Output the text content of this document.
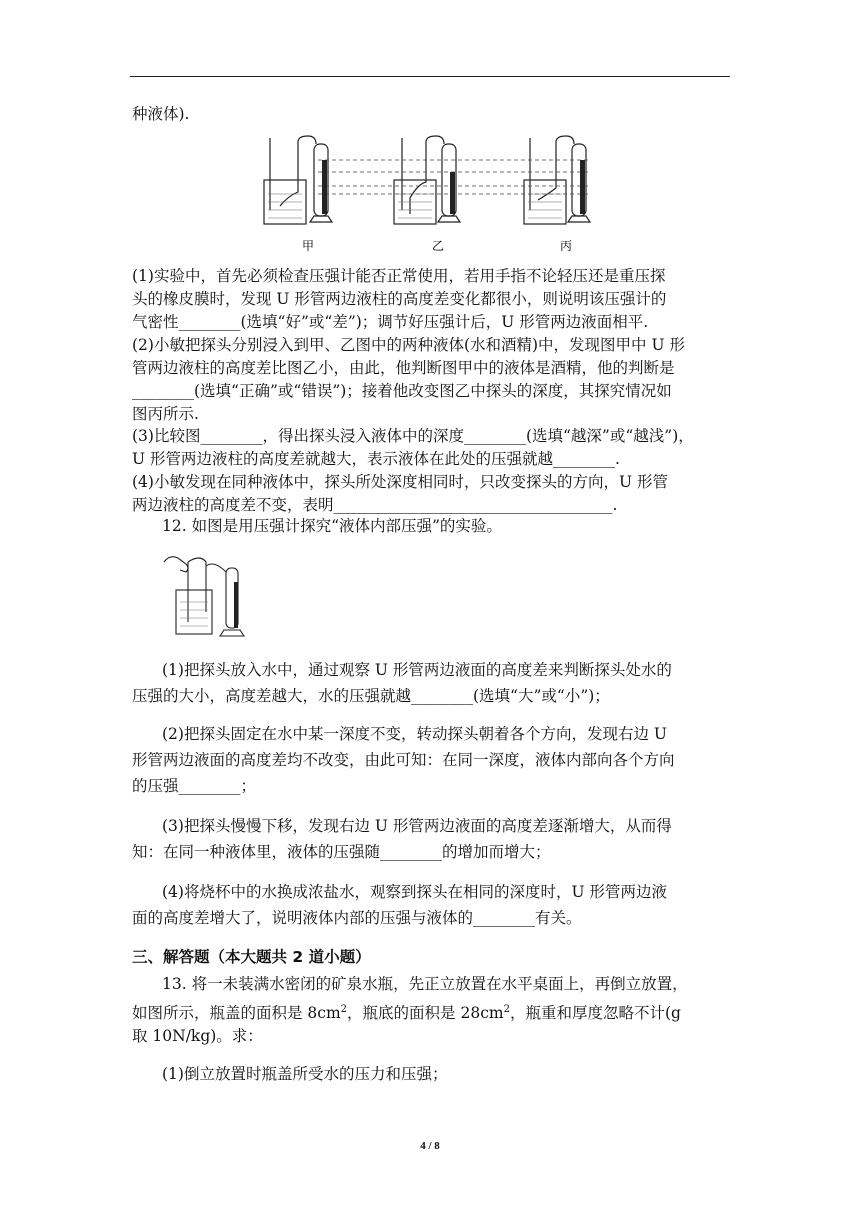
种液体).
甲	乙	丙
(1)实验中，首先必须检查压强计能否正常使用，若用手指不论轻压还是重压探
头的橡皮膜时，发现 U 形管两边液柱的高度差变化都很小，则说明该压强计的
气密性________(选填“好”或“差”)；调节好压强计后，U 形管两边液面相平.
(2)小敏把探头分别浸入到甲、乙图中的两种液体(水和酒精)中，发现图甲中 U 形
管两边液柱的高度差比图乙小，由此，他判断图甲中的液体是酒精，他的判断是
________(选填“正确”或“错误”)；接着他改变图乙中探头的深度，其探究情况如
图丙所示.
(3)比较图________，得出探头浸入液体中的深度________(选填“越深”或“越浅”)，
U 形管两边液柱的高度差就越大，表示液体在此处的压强就越________.
(4)小敏发现在同种液体中，探头所处深度相同时，只改变探头的方向，U 形管
两边液柱的高度差不变，表明____________________________________.
12. 如图是用压强计探究“液体内部压强”的实验。
(1)把探头放入水中，通过观察 U 形管两边液面的高度差来判断探头处水的
压强的大小，高度差越大，水的压强就越________(选填“大”或“小”)；
(2)把探头固定在水中某一深度不变，转动探头朝着各个方向，发现右边 U
形管两边液面的高度差均不改变，由此可知：在同一深度，液体内部向各个方向
的压强________；
(3)把探头慢慢下移，发现右边 U 形管两边液面的高度差逐渐增大，从而得
知：在同一种液体里，液体的压强随________的增加而增大；
(4)将烧杯中的水换成浓盐水，观察到探头在相同的深度时，U 形管两边液
面的高度差增大了，说明液体内部的压强与液体的________有关。
三、解答题（本大题共 2 道小题）
13. 将一未装满水密闭的矿泉水瓶，先正立放置在水平桌面上，再倒立放置，
如图所示，瓶盖的面积是 $8cm^2$，瓶底的面积是 $28cm^2$，瓶重和厚度忽略不计(g
取 10N/kg)。求：
(1)倒立放置时瓶盖所受水的压力和压强；
4 / 8
